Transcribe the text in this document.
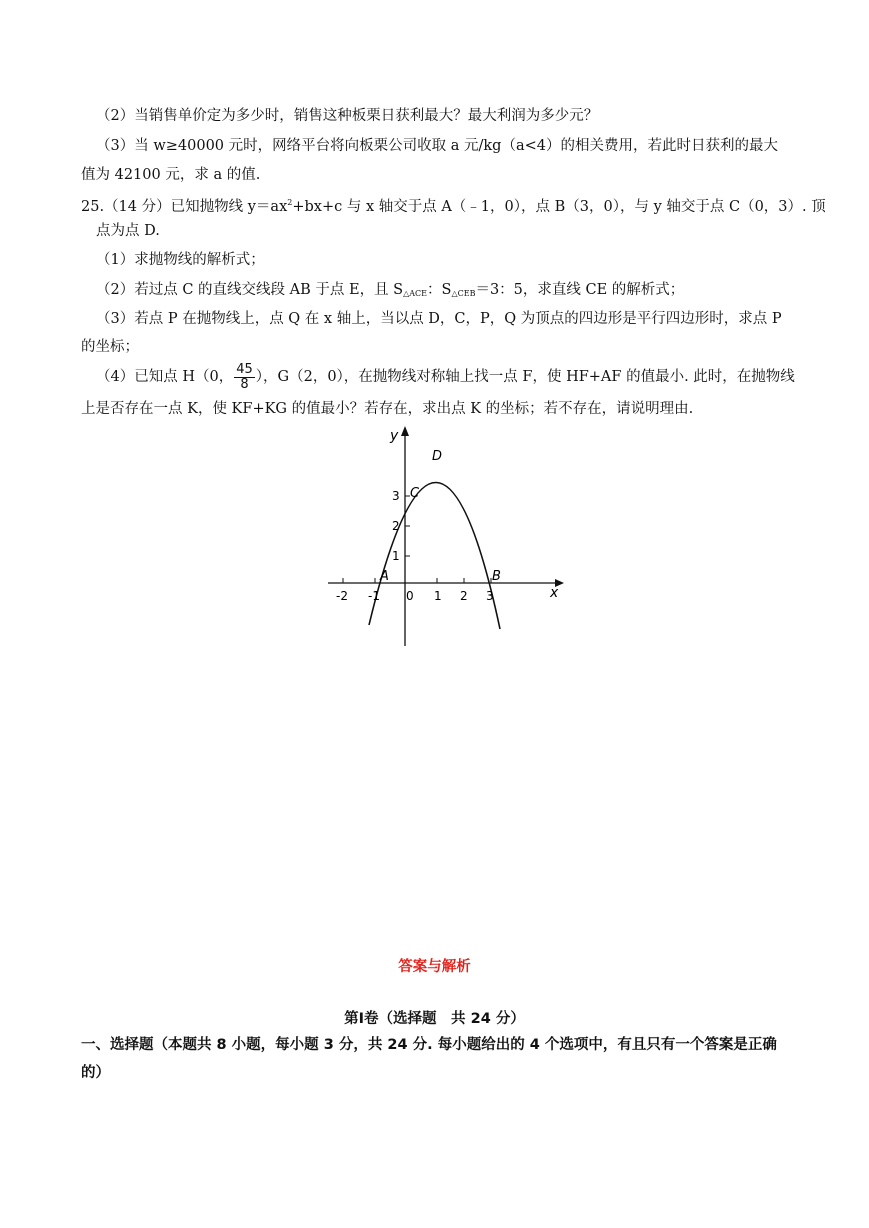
（2）当销售单价定为多少时，销售这种板栗日获利最大？最大利润为多少元？
（3）当 w≥40000 元时，网络平台将向板栗公司收取 a 元/kg（a<4）的相关费用，若此时日获利的最大
值为 42100 元，求 a 的值.
25.（14 分）已知抛物线 $y=ax^2+bx+c$ 与 x 轴交于点 A（﹣1，0），点 B（3，0），与 y 轴交于点 C（0，3）. 顶
点为点 D.
（1）求抛物线的解析式；
（2）若过点 C 的直线交线段 AB 于点 E，且 $S_{\triangle ACE}$：$S_{\triangle CEB}=3$：5，求直线 CE 的解析式；
（3）若点 P 在抛物线上，点 Q 在 x 轴上，当以点 D，C，P，Q 为顶点的四边形是平行四边形时，求点 P
的坐标；
（4）已知点 H（0， $\frac{45}{8}$ ），G（2，0），在抛物线对称轴上找一点 F，使 HF+AF 的值最小. 此时，在抛物线
上是否存在一点 K，使 KF+KG 的值最小？若存在，求出点 K 的坐标；若不存在，请说明理由.
y
x
-2 -1 0 1 2 3
1
2
3
A	B
C
D
答案与解析
第Ⅰ卷（选择题　共 24 分）
一、选择题（本题共 8 小题，每小题 3 分，共 24 分. 每小题给出的 4 个选项中，有且只有一个答案是正确
的）
